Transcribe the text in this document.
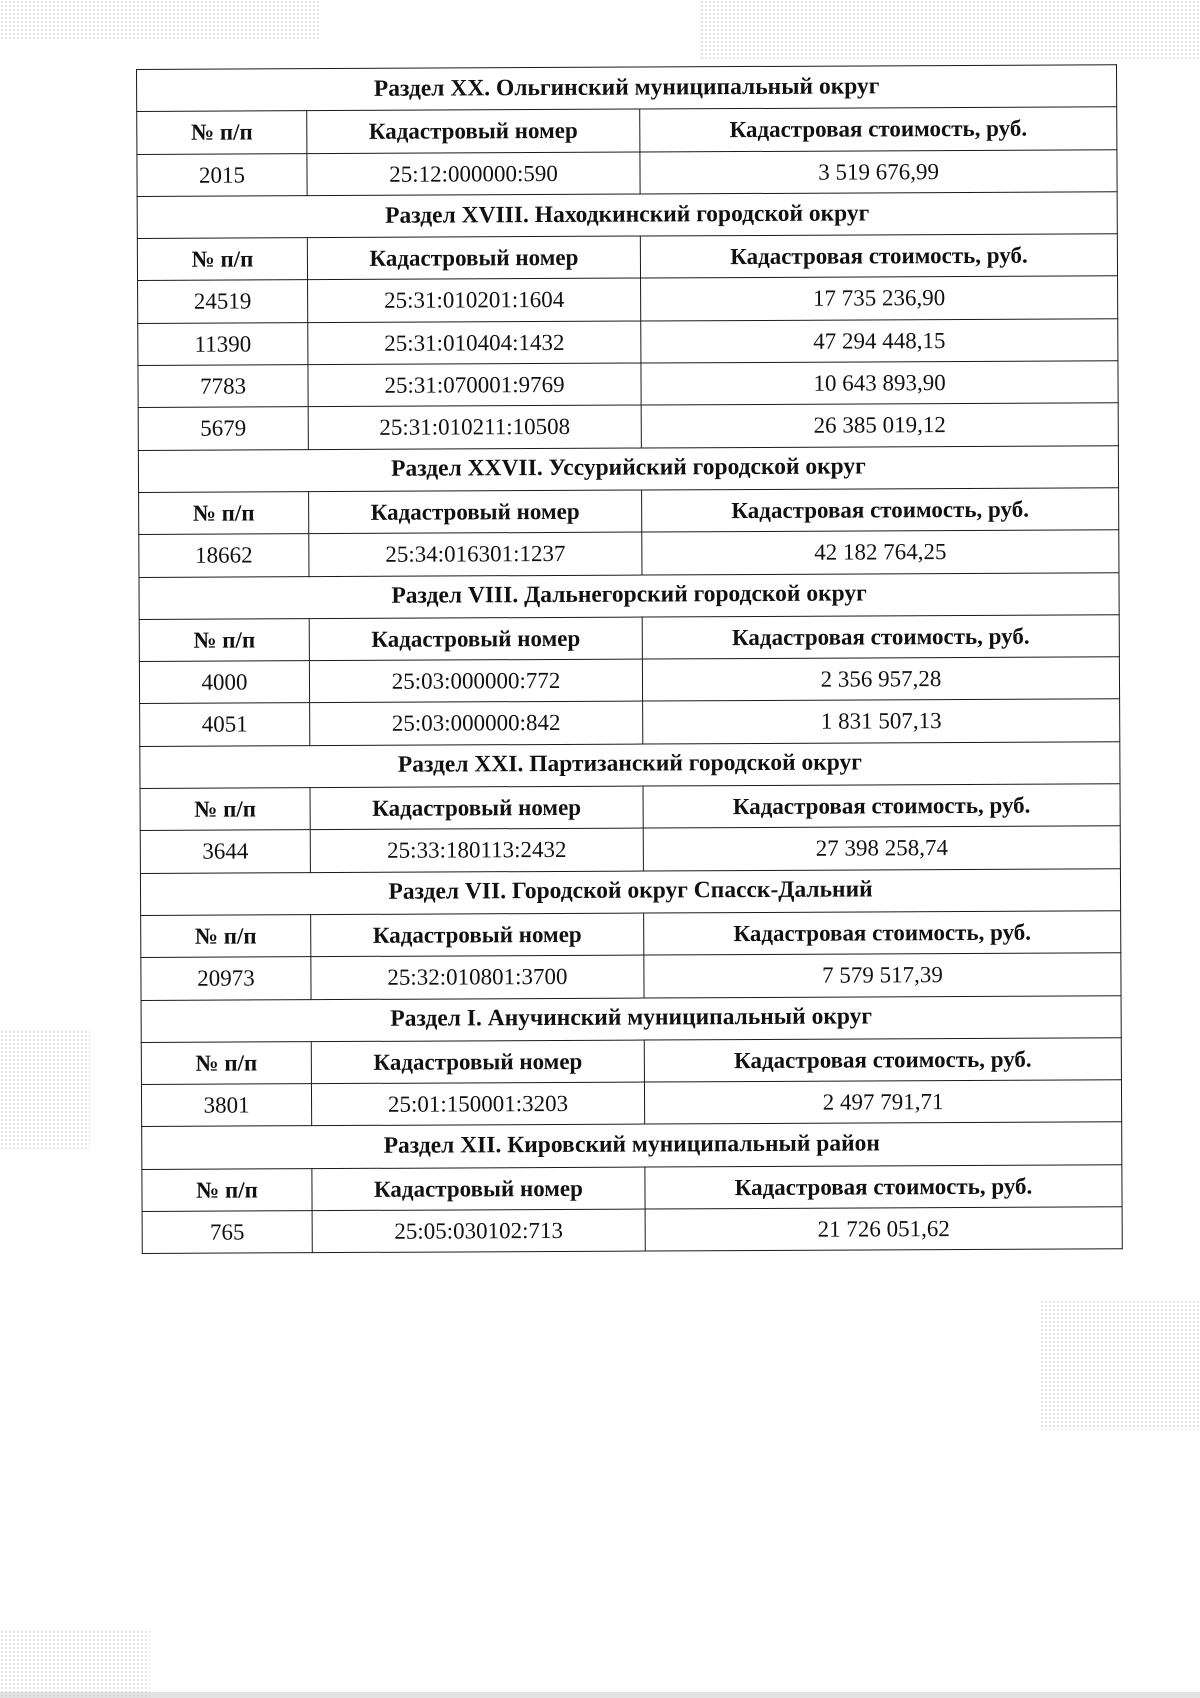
Раздел XX. Ольгинский муниципальный округ		
№ п/п	Кадастровый номер	Кадастровая стоимость, руб.
2015	25:12:000000:590	3 519 676,99
Раздел XVIII. Находкинский городской округ		
№ п/п	Кадастровый номер	Кадастровая стоимость, руб.
24519	25:31:010201:1604	17 735 236,90
11390	25:31:010404:1432	47 294 448,15
7783	25:31:070001:9769	10 643 893,90
5679	25:31:010211:10508	26 385 019,12
Раздел XXVII. Уссурийский городской округ		
№ п/п	Кадастровый номер	Кадастровая стоимость, руб.
18662	25:34:016301:1237	42 182 764,25
Раздел VIII. Дальнегорский городской округ		
№ п/п	Кадастровый номер	Кадастровая стоимость, руб.
4000	25:03:000000:772	2 356 957,28
4051	25:03:000000:842	1 831 507,13
Раздел XXI. Партизанский городской округ		
№ п/п	Кадастровый номер	Кадастровая стоимость, руб.
3644	25:33:180113:2432	27 398 258,74
Раздел VII. Городской округ Спасск-Дальний		
№ п/п	Кадастровый номер	Кадастровая стоимость, руб.
20973	25:32:010801:3700	7 579 517,39
Раздел I. Анучинский муниципальный округ		
№ п/п	Кадастровый номер	Кадастровая стоимость, руб.
3801	25:01:150001:3203	2 497 791,71
Раздел XII. Кировский муниципальный район		
№ п/п	Кадастровый номер	Кадастровая стоимость, руб.
765	25:05:030102:713	21 726 051,62
